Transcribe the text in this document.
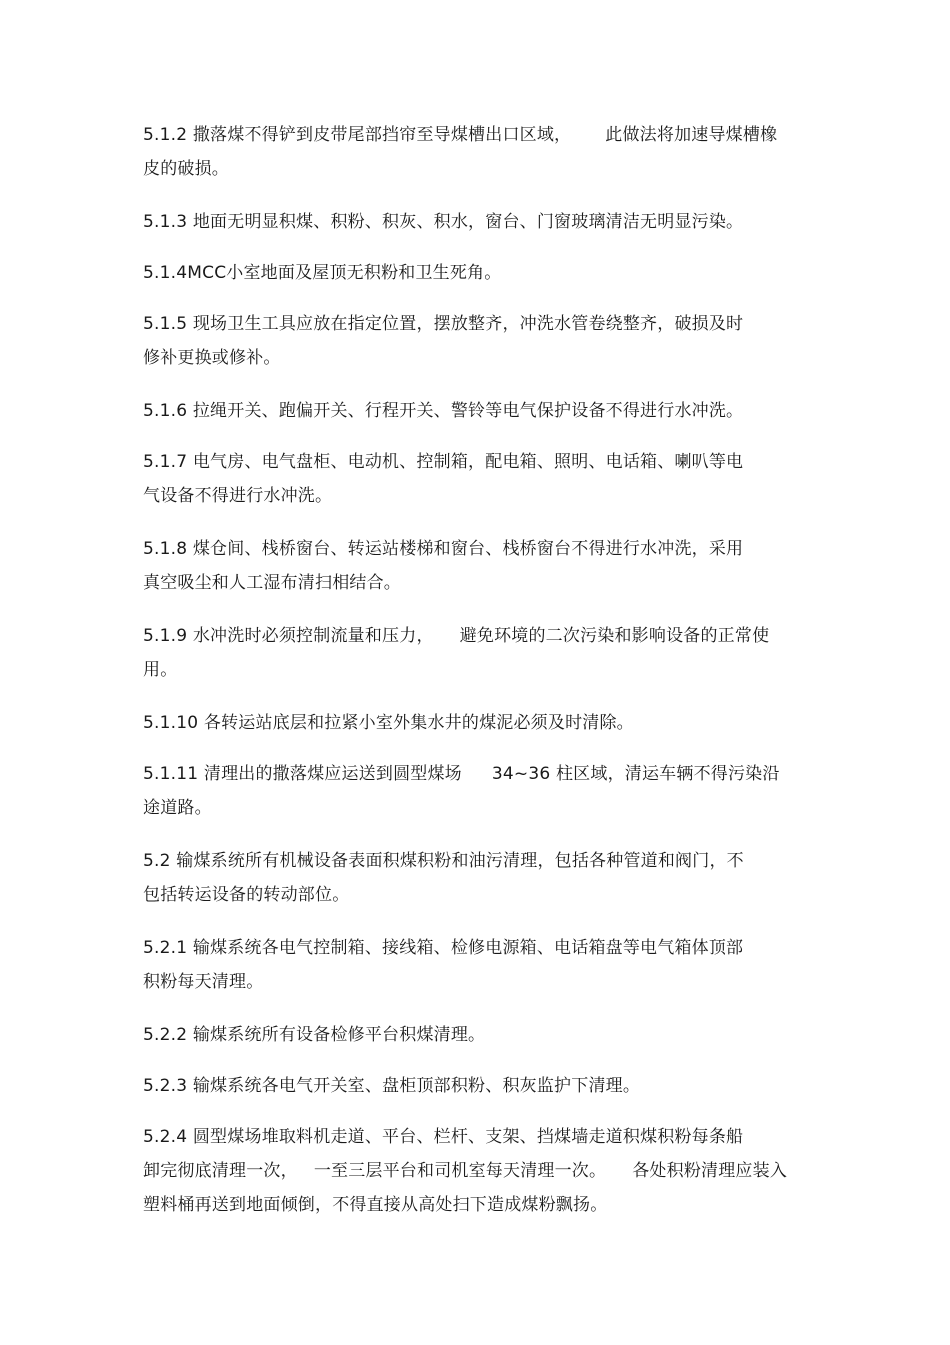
5.1.2 撒落煤不得铲到皮带尾部挡帘至导煤槽出口区域， 此做法将加速导煤槽橡
皮的破损。
5.1.3 地面无明显积煤、积粉、积灰、积水，窗台、门窗玻璃清洁无明显污染。
5.1.4MCC小室地面及屋顶无积粉和卫生死角。
5.1.5 现场卫生工具应放在指定位置，摆放整齐，冲洗水管卷绕整齐，破损及时
修补更换或修补。
5.1.6 拉绳开关、跑偏开关、行程开关、警铃等电气保护设备不得进行水冲洗。
5.1.7 电气房、电气盘柜、电动机、控制箱，配电箱、照明、电话箱、喇叭等电
气设备不得进行水冲洗。
5.1.8 煤仓间、栈桥窗台、转运站楼梯和窗台、栈桥窗台不得进行水冲洗，采用
真空吸尘和人工湿布清扫相结合。
5.1.9 水冲洗时必须控制流量和压力， 避免环境的二次污染和影响设备的正常使
用。
5.1.10 各转运站底层和拉紧小室外集水井的煤泥必须及时清除。
5.1.11 清理出的撒落煤应运送到圆型煤场 34~36 柱区域，清运车辆不得污染沿
途道路。
5.2 输煤系统所有机械设备表面积煤积粉和油污清理，包括各种管道和阀门，不
包括转运设备的转动部位。
5.2.1 输煤系统各电气控制箱、接线箱、检修电源箱、电话箱盘等电气箱体顶部
积粉每天清理。
5.2.2 输煤系统所有设备检修平台积煤清理。
5.2.3 输煤系统各电气开关室、盘柜顶部积粉、积灰监护下清理。
5.2.4 圆型煤场堆取料机走道、平台、栏杆、支架、挡煤墙走道积煤积粉每条船
卸完彻底清理一次， 一至三层平台和司机室每天清理一次。 各处积粉清理应装入
塑料桶再送到地面倾倒，不得直接从高处扫下造成煤粉飘扬。
